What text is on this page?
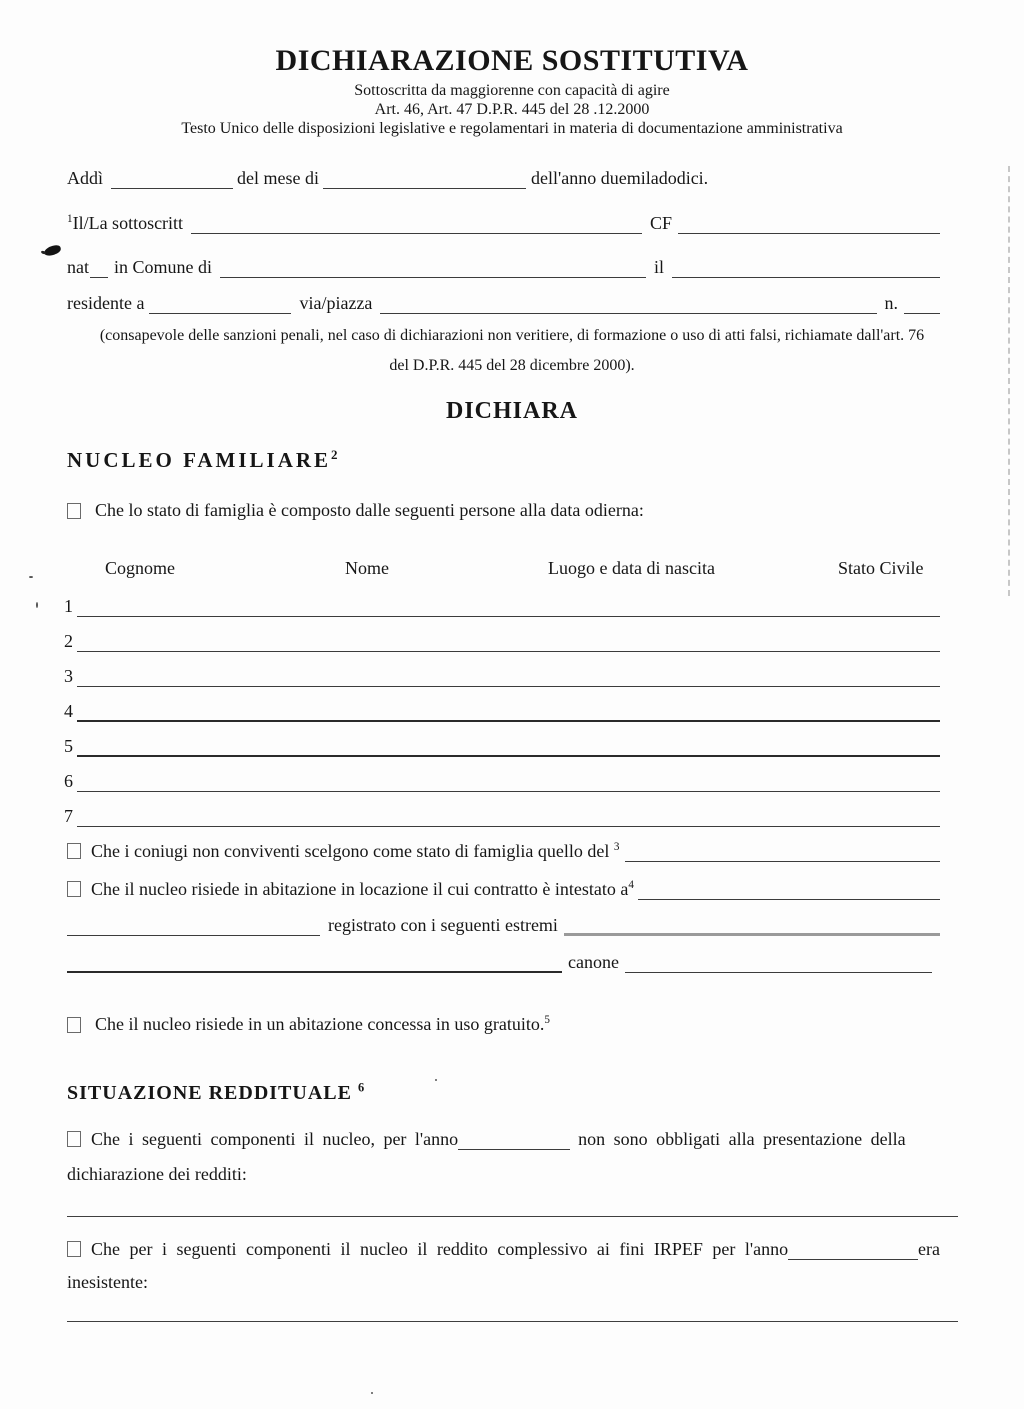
DICHIARAZIONE SOSTITUTIVA
Sottoscritta da maggiorenne con capacità di agire
Art. 46, Art. 47 D.P.R. 445 del 28 .12.2000
Testo Unico delle disposizioni legislative e regolamentari in materia di documentazione amministrativa
Addì	del mese di	dell'anno duemiladodici.
$^1$Il/La sottoscritt	CF
nat in Comune di	il
residente a	via/piazza	n.
(consapevole delle sanzioni penali, nel caso di dichiarazioni non veritiere, di formazione o uso di atti falsi, richiamate dall'art. 76
del D.P.R. 445 del 28 dicembre 2000).
DICHIARA
NUCLEO FAMILIARE$^2$
Che lo stato di famiglia è composto dalle seguenti persone alla data odierna:
Cognome	Nome	Luogo e data di nascita	Stato Civile
1
2
3
4
5
6
7
Che i coniugi non conviventi scelgono come stato di famiglia quello del $^3$
Che il nucleo risiede in abitazione in locazione il cui contratto è intestato $a^4$
registrato con i seguenti estremi
canone
Che il nucleo risiede in un abitazione concessa in uso gratuito.$^5$
SITUAZIONE REDDITUALE $^6$
Che i seguenti componenti il nucleo, per l'anno	non sono obbligati alla presentazione della
dichiarazione dei redditi:
Che per i seguenti componenti il nucleo il reddito complessivo ai fini IRPEF per l'anno	era
inesistente:
